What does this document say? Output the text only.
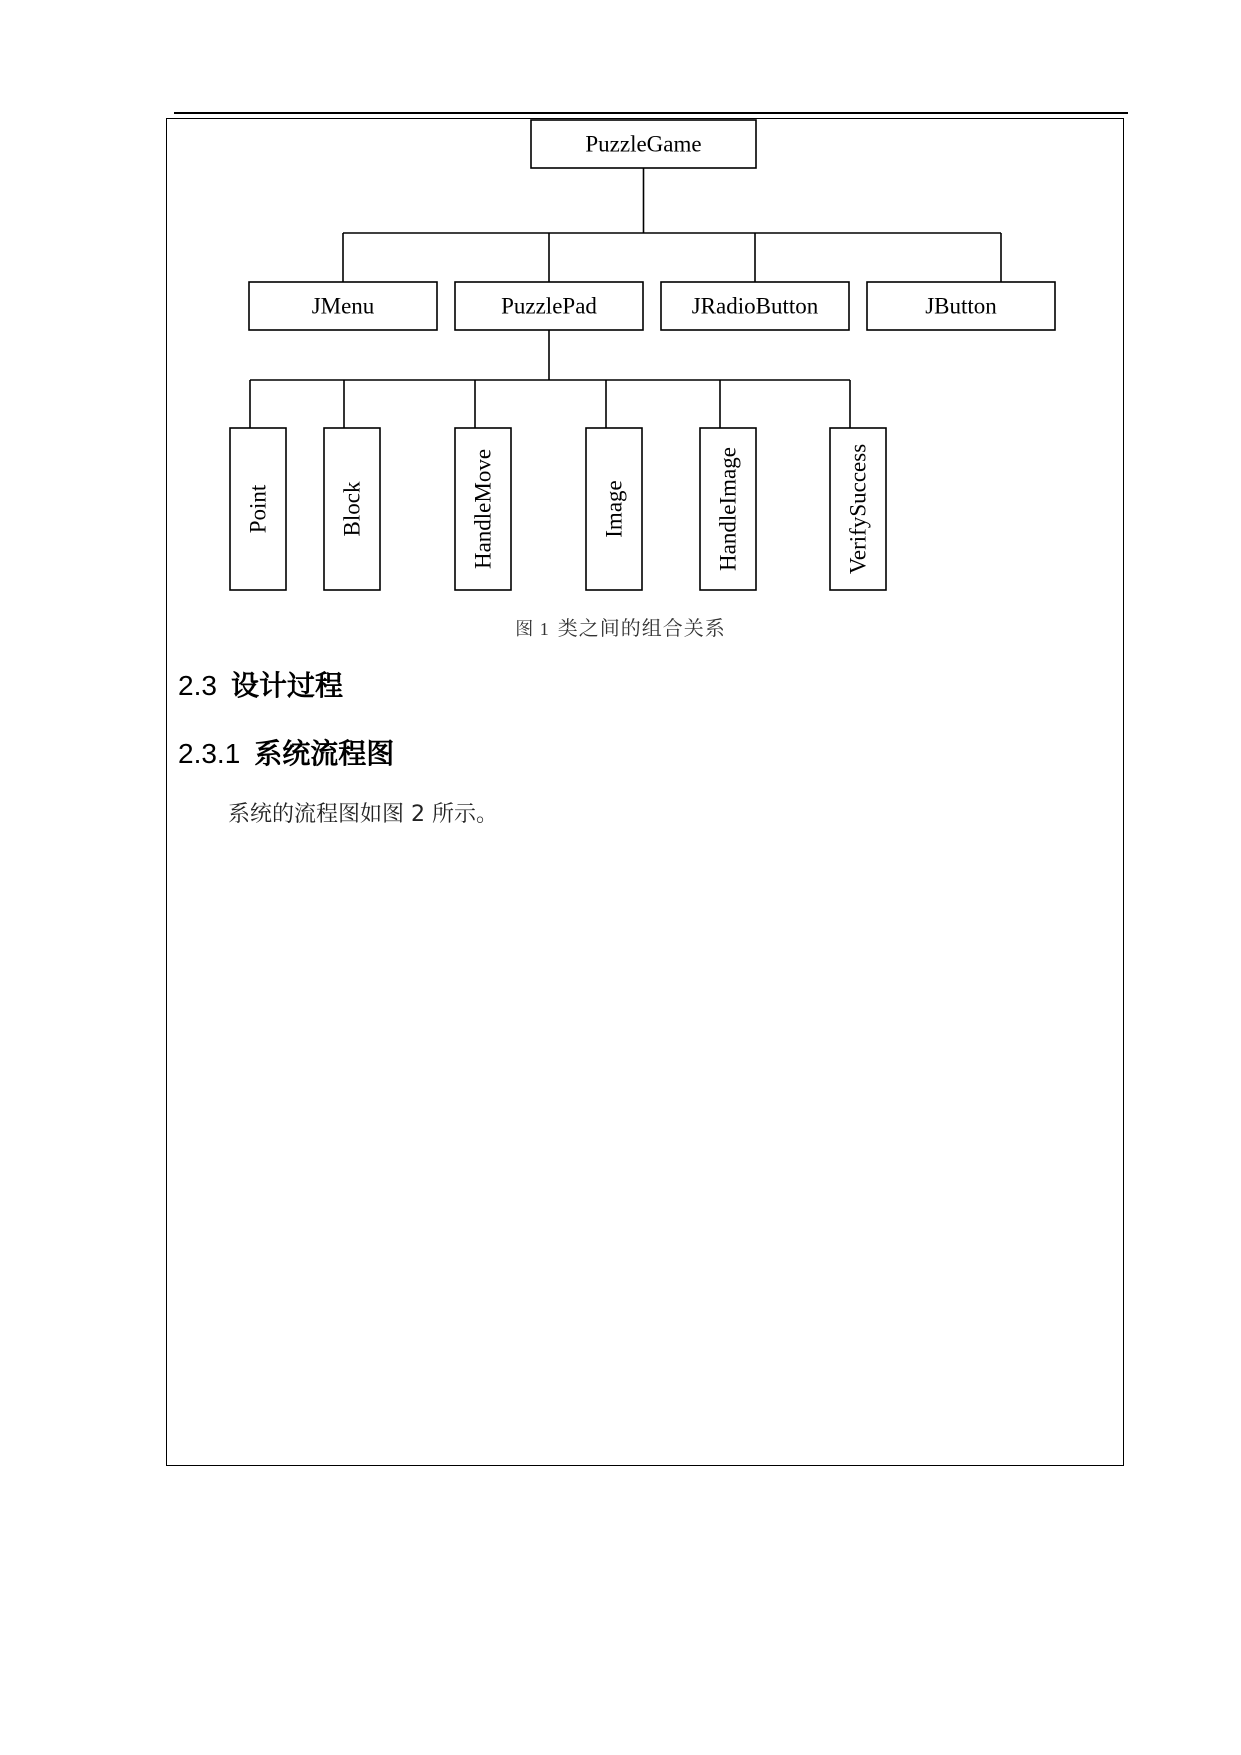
PuzzleGame
JMenu	PuzzlePad	JRadioButton	JButton
Point	Block	HandleMove	Image	HandleImage	VerifySuccess
图 1 类之间的组合关系
2.3 设计过程
2.3.1 系统流程图
系统的流程图如图 2 所示。
